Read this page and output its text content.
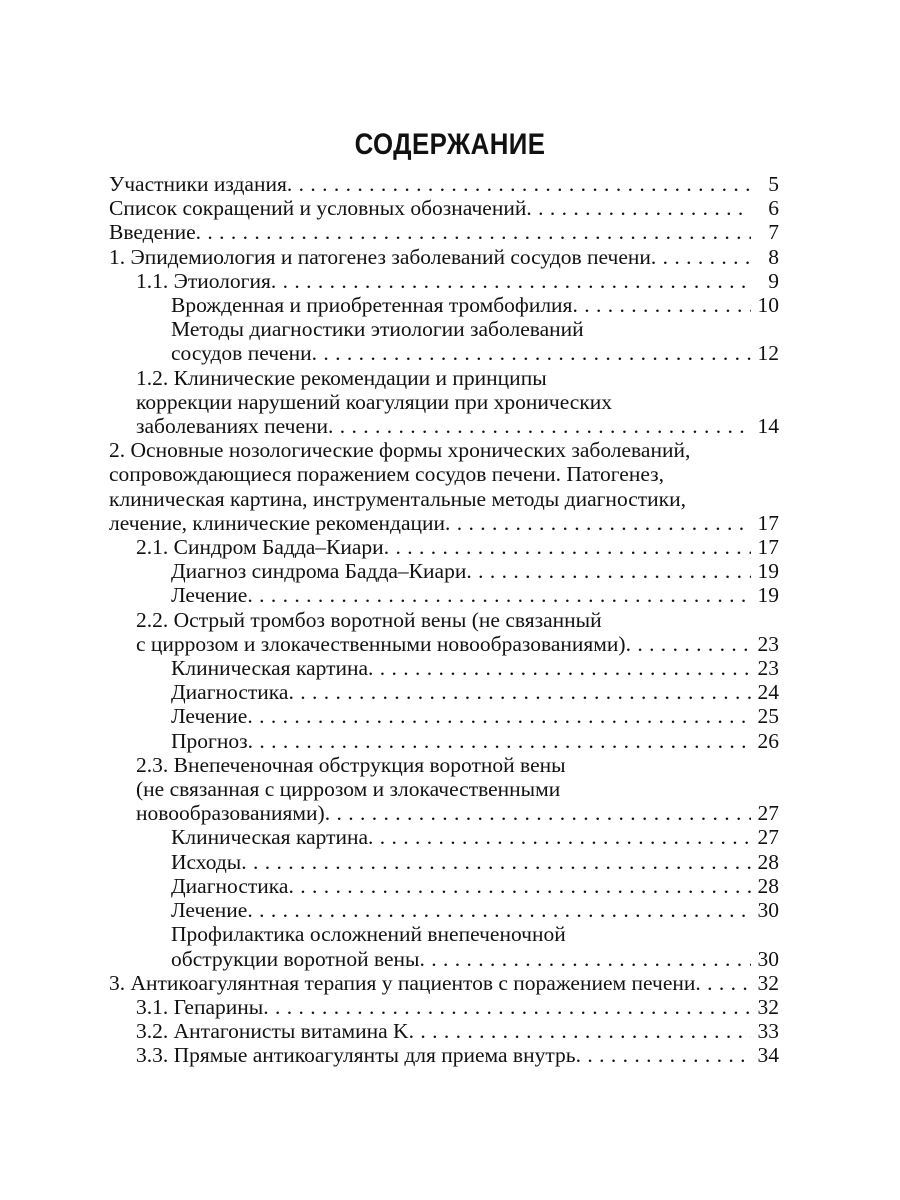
СОДЕРЖАНИЕ
Участники издания . . .	5
Список сокращений и условных обозначений . . .	6
Введение . . .	7
1. Эпидемиология и патогенез заболеваний сосудов печени . . .	8
1.1. Этиология . . .	9
Врожденная и приобретенная тромбофилия . . .	10
Методы диагностики этиологии заболеваний
сосудов печени . . .	12
1.2. Клинические рекомендации и принципы
коррекции нарушений коагуляции при хронических
заболеваниях печени . . .	14
2. Основные нозологические формы хронических заболеваний,
сопровождающиеся поражением сосудов печени. Патогенез,
клиническая картина, инструментальные методы диагностики,
лечение, клинические рекомендации . . .	17
2.1. Синдром Бадда–Киари . . .	17
Диагноз синдрома Бадда–Киари . . .	19
Лечение . . .	19
2.2. Острый тромбоз воротной вены (не связанный
с циррозом и злокачественными новообразованиями) . . .	23
Клиническая картина . . .	23
Диагностика . . .	24
Лечение . . .	25
Прогноз . . .	26
2.3. Внепеченочная обструкция воротной вены
(не связанная с циррозом и злокачественными
новообразованиями) . . .	27
Клиническая картина . . .	27
Исходы . . .	28
Диагностика . . .	28
Лечение . . .	30
Профилактика осложнений внепеченочной
обструкции воротной вены . . .	30
3. Антикоагулянтная терапия у пациентов с поражением печени . . .	32
3.1. Гепарины . . .	32
3.2. Антагонисты витамина K . . .	33
3.3. Прямые антикоагулянты для приема внутрь . . .	34
